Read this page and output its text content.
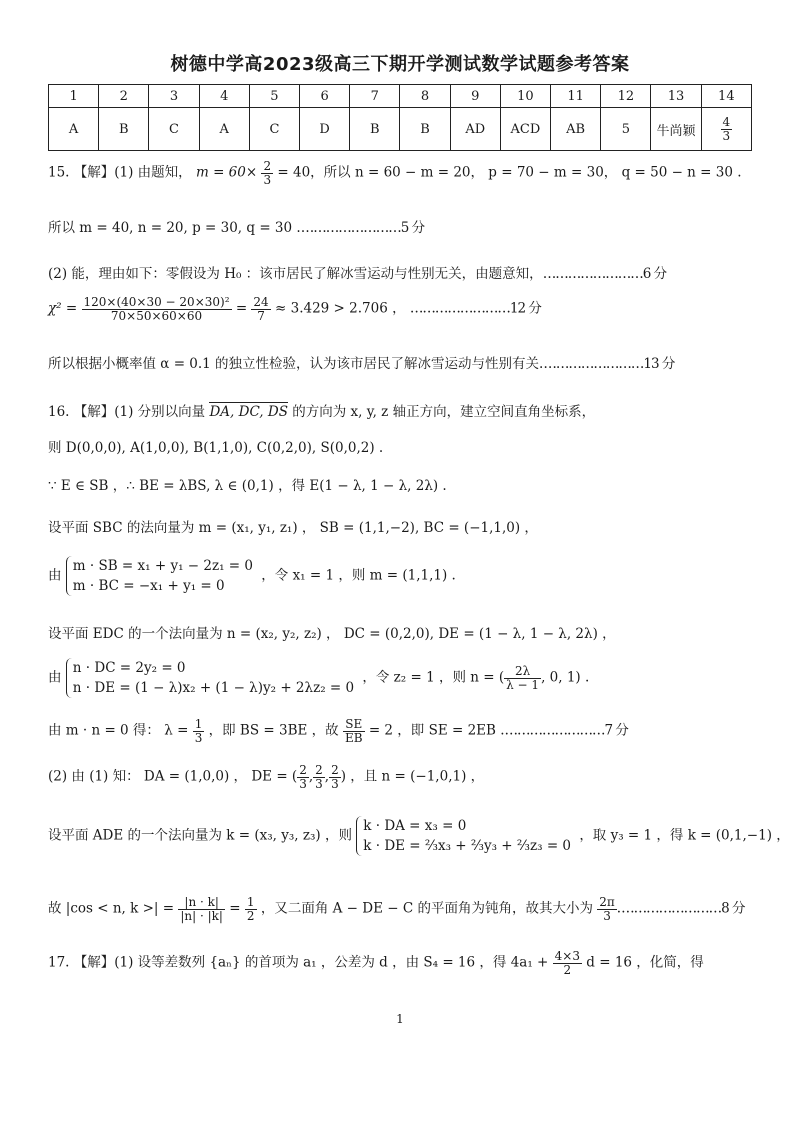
树德中学高2023级高三下期开学测试数学试题参考答案
1	2	3	4	5	6	7	8	9	10	11	12	13	14
A	B	C	A	C	D	B	B	AD	ACD	AB	5	牛尚颖	$\frac{4}{3}$
15. 【解】(1) 由题知， $m = 60\times \frac{2}{3} = 40$，所以 n = 60 − m = 20， p = 70 − m = 30， q = 50 − n = 30 .
所以 m = 40, n = 20, p = 30, q = 30 .……………………5 分
(2) 能，理由如下：零假设为 H₀ ：该市居民了解冰雪运动与性别无关，由题意知，……………………6 分
$\chi^2 = \frac{\text{120×(40×30 − 20×30)²}}{70\times 50\times 60\times 60} = \frac{24}{7} \approx 3.429 > 2.706$ ， ……………………12 分
所以根据小概率值 α = 0.1 的独立性检验，认为该市居民了解冰雪运动与性别有关.……………………13 分
16. 【解】(1) 分别以向量 DA, DC, DS 的方向为 x, y, z 轴正方向，建立空间直角坐标系，
则 D(0,0,0), A(1,0,0), B(1,1,0), C(0,2,0), S(0,0,2) .
∵ E ∈ SB ，∴ BE = λBS, λ ∈ (0,1) ，得 E(1 − λ, 1 − λ, 2λ) .
设平面 SBC 的法向量为 m = (x₁, y₁, z₁) ， SB = (1,1,−2), BC = (−1,1,0) ，
由
m · SB = x₁ + y₁ − 2z₁ = 0
m · BC = −x₁ + y₁ = 0
，令 x₁ = 1 ，则 m = (1,1,1) .
设平面 EDC 的一个法向量为 n = (x₂, y₂, z₂) ， DC = (0,2,0), DE = (1 − λ, 1 − λ, 2λ) ，
由
n · DC = 2y₂ = 0
n · DE = (1 − λ)x₂ + (1 − λ)y₂ + 2λz₂ = 0
，令 z₂ = 1 ，则 n = ( $\frac{2\lambda}{\lambda - 1}$ , 0, 1) .
由 m · n = 0 得： $\lambda = \frac{1}{3}$ ，即 BS = 3BE ，故 $\frac{SE}{EB} = 2$ ，即 SE = 2EB .……………………7 分
(2) 由 (1) 知： DA = (1,0,0) ， DE = ( $\frac{2}{3}$ , $\frac{2}{3}$ , $\frac{2}{3}$ ) ，且 n = (−1,0,1) ，
设平面 ADE 的一个法向量为 k = (x₃, y₃, z₃) ，则
k · DA = x₃ = 0
k · DE = ⅔x₃ + ⅔y₃ + ⅔z₃ = 0
，取 y₃ = 1 ，得 k = (0,1,−1) ，
故 |cos < n, k >| = $\frac{|n \cdot k|}{|n| \cdot |k|} = \frac{1}{2}$ ，又二面角 A − DE − C 的平面角为钝角，故其大小为 $\frac{2\pi}{3}$ .……………………8 分
17. 【解】(1) 设等差数列 {aₙ} 的首项为 a₁ ，公差为 d ，由 S₄ = 16 ，得 $4a_1 + \frac{4\times 3}{2}$ d = 16 ，化简，得
1
